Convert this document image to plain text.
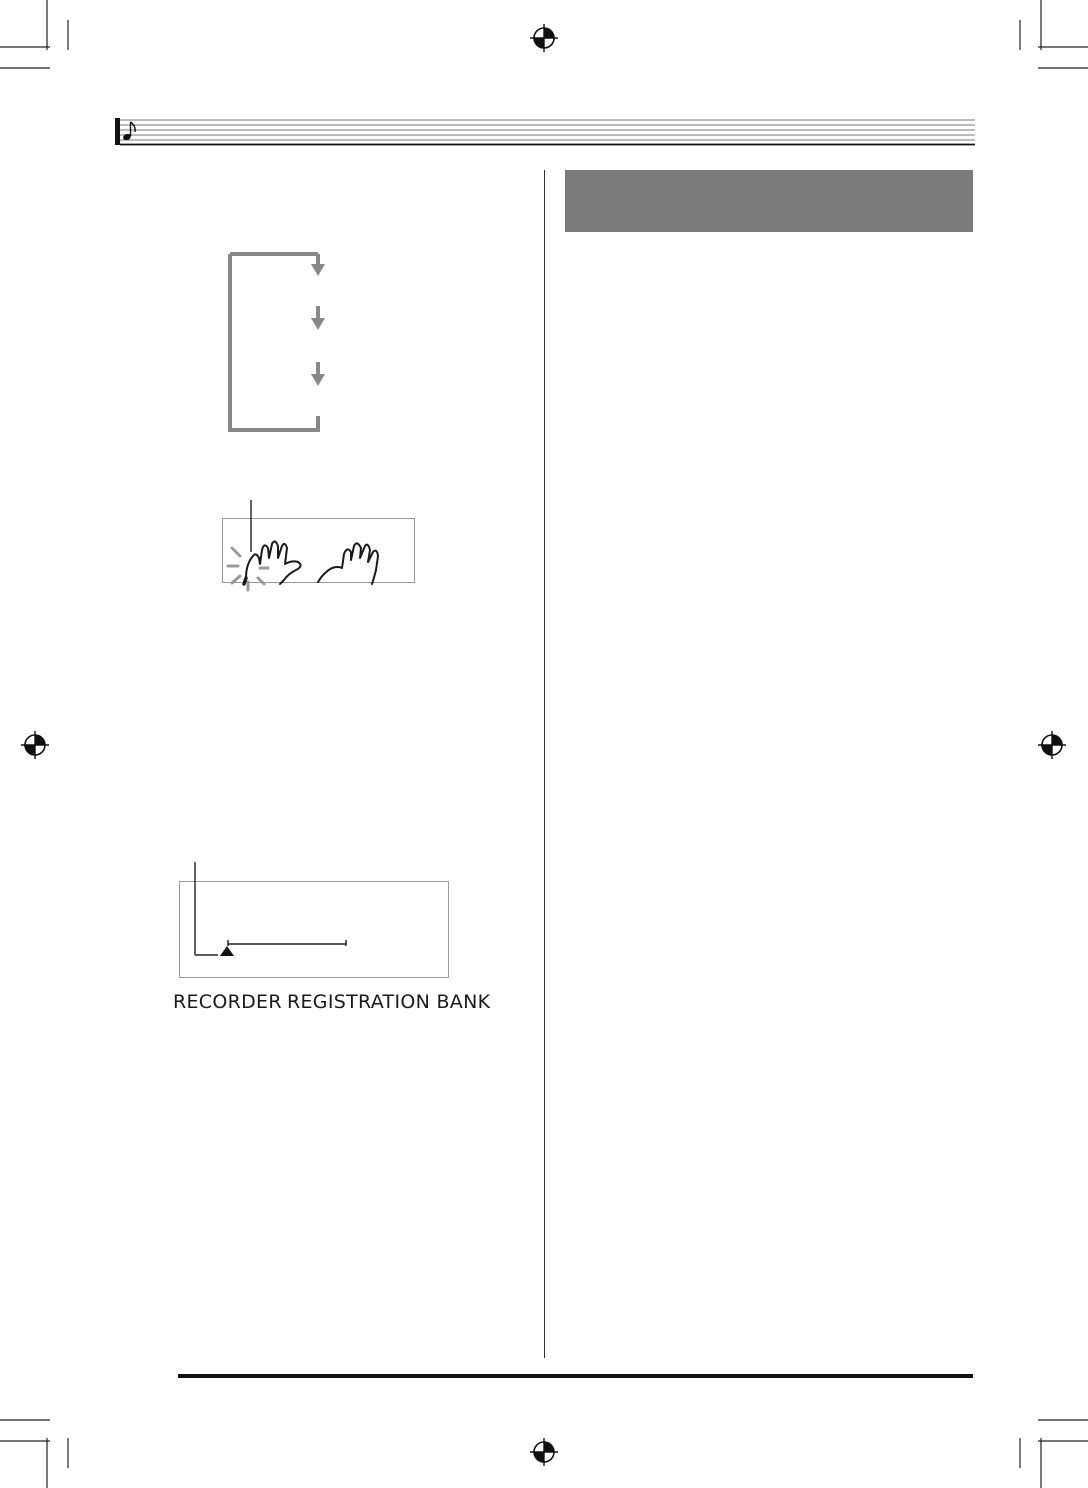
RECORDER REGISTRATION BANK
